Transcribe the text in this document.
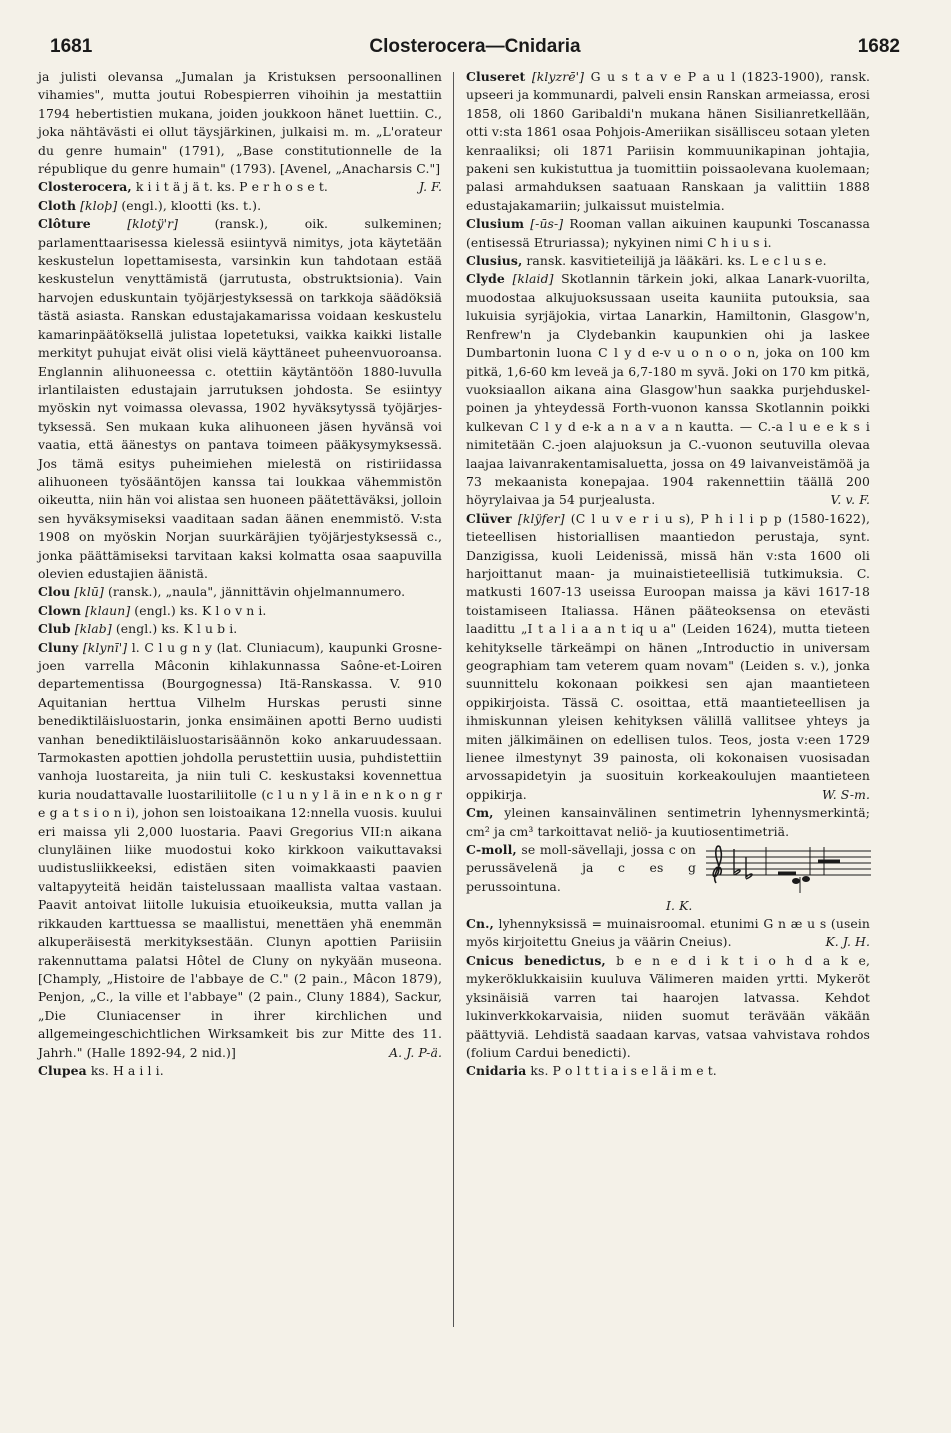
1681	Closterocera—Cnidaria	1682

ja julisti olevansa „Jumalan ja Kristuksen persoonallinen vihamies", mutta joutui Robespierren vihoihin ja mestattiin 1794 hebertistien mukana, joiden joukkoon hänet luettiin. C., joka nähtävästi ei ollut täysjärkinen, julkaisi m. m. „L'orateur du genre humain" (1791), „Base constitutionnelle de la république du genre humain" (1793). [Avenel, „Anacharsis C."]
J. F.

Closterocera, k i i t ä j ä t. ks. P e r h o s e t.

Cloth [kloþ] (engl.), klootti (ks. t.).

Clôture	[klotÿ'r]	(ransk.), oik. sulkeminen; parlamenttaarisessa kielessä esiintyvä nimitys, jota käytetään keskustelun lopettamisesta, varsinkin kun tahdotaan estää keskustelun venyttämistä (jarrutusta, obstruktsionia). Vain harvojen eduskuntain työjärjestyksessä on tarkkoja säädöksiä tästä asiasta. Ranskan edustajakamarissa voidaan keskustelu kamarinpäätöksellä julistaa lopetetuksi, vaikka kaikki listalle merkityt puhujat eivät olisi vielä käyttäneet puheenvuoroansa. Englannin alihuoneessa c. otettiin käytäntöön 1880-luvulla irlantilaisten edustajain jarrutuksen johdosta. Se esiintyy myöskin nyt voimassa olevassa, 1902 hyväksytyssä työjärjestyksessä. Sen mukaan kuka alihuoneen jäsen hyvänsä voi vaatia, että äänestys on pantava toimeen pääkysymyksessä. Jos tämä esitys puheimiehen mielestä on ristiriidassa alihuoneen työsääntöjen kanssa tai loukkaa vähemmistön oikeutta, niin hän voi alistaa sen huoneen päätettäväksi, jolloin sen hyväksymiseksi vaaditaan sadan äänen enemmistö. V:sta 1908 on myöskin Norjan suurkäräjien työjärjestyksessä c., jonka päättämiseksi tarvitaan kaksi kolmatta osaa saapuvilla olevien edustajien äänistä.

Clou [klū] (ransk.), „naula", jännittävin ohjelmannumero.

Clown [klaun] (engl.) ks. K l o v n i.

Club [klab] (engl.) ks. K l u b i.

Cluny [klynī'] l. C l u g n y (lat. Cluniacum), kaupunki Grosne-joen varrella Mâconin kihlakunnassa Saône-et-Loiren departementissa (Bourgognessa) Itä-Ranskassa. V. 910 Aquitanian herttua Vilhelm Hurskas perusti sinne benediktiläisluostarin, jonka ensimäinen apotti Berno uudisti vanhan benediktiläisluostarisäännön koko ankaruudessaan. Tarmokasten apottien johdolla perustettiin uusia, puhdistettiin vanhoja luostareita, ja niin tuli C. keskustaksi kovennettua kuria noudattavalle luostariliitolle (c l u n y l ä in e n k o n g r e g a t s i o n i), johon sen loistoaikana 12:nnella vuosis. kuului eri maissa yli 2,000 luostaria. Paavi Gregorius VII:n aikana clunyläinen liike muodostui koko kirkkoon vaikuttavaksi uudistusliikkeeksi, edistäen siten voimakkaasti paavien valtapyyteitä heidän taistelussaan maallista valtaa vastaan. Paavit antoivat liitolle lukuisia etuoikeuksia, mutta vallan ja rikkauden karttuessa se maallistui, menettäen yhä enemmän alkuperäisestä merkityksestään. Clunyn apottien Pariisiin rakennuttama palatsi Hôtel de Cluny on nykyään museona. [Champly, „Histoire de l'abbaye de C." (2 pain., Mâcon 1879), Penjon, „C., la ville et l'abbaye" (2 pain., Cluny 1884), Sackur, „Die Cluniacenser in ihrer kirchlichen und allgemeingeschichtlichen Wirksamkeit bis zur Mitte des 11. Jahrh." (Halle 1892-94, 2 nid.)]	A. J. P-ä.

Clupea ks. H a i l i.

Cluseret [klyzrē'] G u s t a v e P a u l (1823-1900), ransk. upseeri ja kommunardi, palveli ensin Ranskan armeiassa, erosi 1858, oli 1860 Garibaldi'n mukana hänen Sisilianretkellään, otti v:sta 1861 osaa Pohjois-Ameriikan sisällisceu sotaan yleten kenraaliksi; oli 1871 Pariisin kommuunikapinan johtajia, pakeni sen kukistuttua ja tuomittiin poissaolevana kuolemaan; palasi armahduksen saatuaan Ranskaan ja valittiin 1888 edustajakamariin; julkaissut muistelmia.

Clusium [-ūs-] Rooman vallan aikuinen kaupunki Toscanassa (entisessä Etruriassa); nykyinen nimi C h i u s i.

Clusius, ransk. kasvitieteilijä ja lääkäri. ks. L e c l u s e.

Clyde [klaid] Skotlannin tärkein joki, alkaa Lanark-vuorilta, muodostaa alkujuoksussaan useita kauniita putouksia, saa lukuisia syrjäjokia, virtaa Lanarkin, Hamiltonin, Glasgow'n, Renfrew'n ja Clydebankin kaupunkien ohi ja laskee Dumbartonin luona C l y d e-v u o n o o n, joka on 100 km pitkä, 1,6-60 km leveä ja 6,7-180 m syvä. Joki on 170 km pitkä, vuoksiaallon aikana aina Glasgow'hun saakka purjehduskelpoinen ja yhteydessä Forth-vuonon kanssa Skotlannin poikki kulkevan C l y d e-k a n a v a n kautta. — C.-a l u e e k s i nimitetään C.-joen alajuoksun ja C.-vuonon seutuvilla olevaa laajaa laivanrakentamisaluetta, jossa on 49 laivanveistämöä ja 73 mekaanista konepajaa. 1904 rakennettiin täällä 200 höyrylaivaa ja 54 purjealusta.	V. v. F.

Clüver [klÿfer] (C l u v e r i u s), P h i l i p p (1580-1622), tieteellisen historiallisen maantiedon perustaja, synt. Danzigissa, kuoli Leidenissä, missä hän v:sta 1600 oli harjoittanut maan- ja muinaistieteellisiä tutkimuksia. C. matkusti 1607-13 useissa Euroopan maissa ja kävi 1617-18 toistamiseen Italiassa. Hänen pääteoksensa on etevästi laadittu „I t a l i a a n t iq u a" (Leiden 1624), mutta tieteen kehitykselle tärkeämpi on hänen „Introductio in universam geographiam tam veterem quam novam" (Leiden s. v.), jonka suunnittelu kokonaan poikkesi sen ajan maantieteen oppikirjoista. Tässä C. osoittaa, että maantieteellisen ja ihmiskunnan yleisen kehityksen välillä vallitsee yhteys ja miten jälkimäinen on edellisen tulos. Teos, josta v:een 1729 lienee ilmestynyt 39 painosta, oli kokonaisen vuosisadan arvossapidetyin ja suosituin korkeakoulujen maantieteen oppikirja.	W. S-m.

Cm, yleinen kansainvälinen sentimetrin lyhennysmerkintä; cm² ja cm³ tarkoittavat neliö- ja kuutiosentimetriä.

C-moll, se moll-sävellaji, jossa c on perussävelenä ja c es g perussointuna.

I. K.

Cn., lyhennyksissä = muinaisroomal. etunimi G n æ u s (usein myös kirjoitettu Gneius ja väärin Cneius).	K. J. H.

Cnicus benedictus, b e n e d i k t i o h d a k e, mykeröklukkaisiin kuuluva Välimeren maiden yrtti. Mykeröt yksinäisiä varren tai haarojen latvassa. Kehdot lukinverkkokarvaisia, niiden suomut terävään väkään päättyviä. Lehdistä saadaan karvas, vatsaa vahvistava rohdos (folium Cardui benedicti).

Cnidaria ks. P o l t t i a i s e l ä i m e t.
